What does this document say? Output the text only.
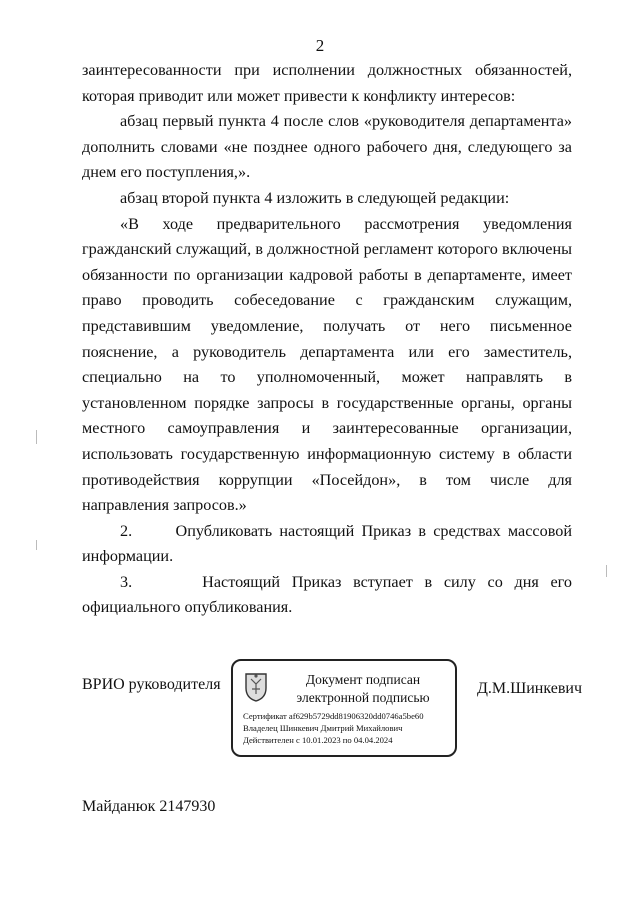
2

заинтересованности при исполнении должностных обязанностей, которая приводит или может привести к конфликту интересов:

абзац первый пункта 4 после слов «руководителя департамента» дополнить словами «не позднее одного рабочего дня, следующего за днем его поступления,».

абзац второй пункта 4 изложить в следующей редакции:

«В ходе предварительного рассмотрения уведомления гражданский служащий, в должностной регламент которого включены обязанности по организации кадровой работы в департаменте, имеет право проводить собеседование с гражданским служащим, представившим уведомление, получать от него письменное пояснение, а руководитель департамента или его заместитель, специально на то уполномоченный, может направлять в установленном порядке запросы в государственные органы, органы местного самоуправления и заинтересованные организации, использовать государственную информационную систему в области противодействия коррупции «Посейдон», в том числе для направления запросов.»

2.      Опубликовать настоящий Приказ в средствах массовой информации.

3.      Настоящий Приказ вступает в силу со дня его официального опубликования.

ВРИО руководителя	Документ подписан
электронной подписью
Сертификат af629b5729dd81906320dd0746a5be60
Владелец Шинкевич Дмитрий Михайлович
Действителен с 10.01.2023 по 04.04.2024
Д.М.Шинкевич
Майданюк 2147930
